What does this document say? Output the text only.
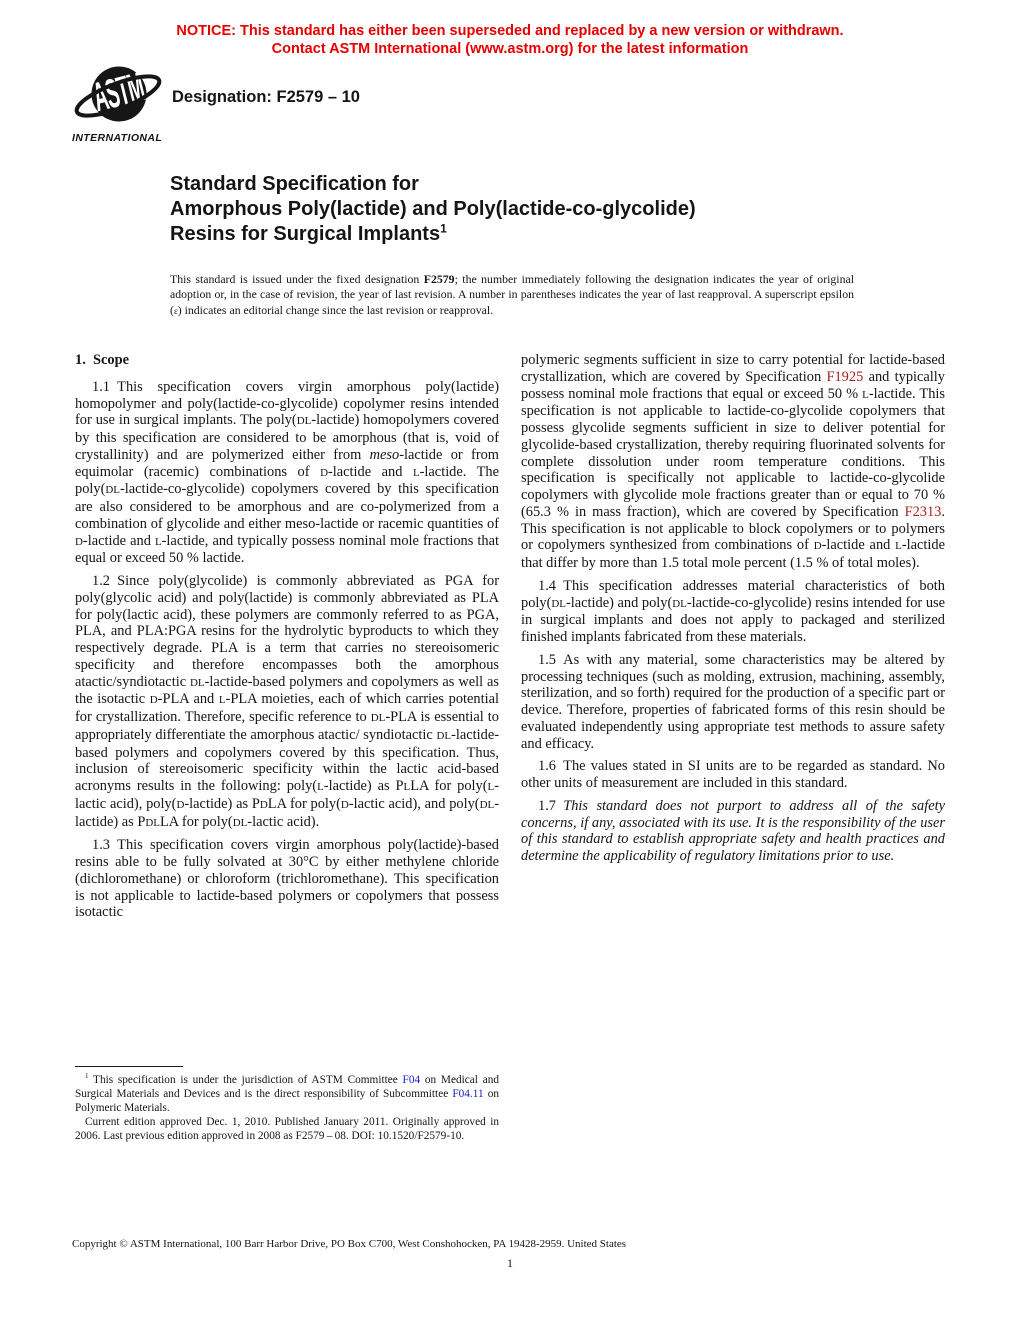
NOTICE: This standard has either been superseded and replaced by a new version or withdrawn.
Contact ASTM International (www.astm.org) for the latest information
ASTM
INTERNATIONAL
Designation: F2579 – 10
Standard Specification for
Amorphous Poly(lactide) and Poly(lactide-co-glycolide)
Resins for Surgical Implants$^1$
This standard is issued under the fixed designation F2579; the number immediately following the designation indicates the year of original adoption or, in the case of revision, the year of last revision. A number in parentheses indicates the year of last reapproval. A superscript epsilon (ε) indicates an editorial change since the last revision or reapproval.
1. Scope

1.1 This specification covers virgin amorphous poly(lactide) homopolymer and poly(lactide-co-glycolide) copolymer resins intended for use in surgical implants. The poly(DL-lactide) homopolymers covered by this specification are considered to be amorphous (that is, void of crystallinity) and are polymerized either from meso-lactide or from equimolar (racemic) combinations of D-lactide and L-lactide. The poly(DL-lactide-co-glycolide) copolymers covered by this specification are also considered to be amorphous and are co-polymerized from a combination of glycolide and either meso-lactide or racemic quantities of D-lactide and L-lactide, and typically possess nominal mole fractions that equal or exceed 50 % lactide.

1.2 Since poly(glycolide) is commonly abbreviated as PGA for poly(glycolic acid) and poly(lactide) is commonly abbreviated as PLA for poly(lactic acid), these polymers are commonly referred to as PGA, PLA, and PLA:PGA resins for the hydrolytic byproducts to which they respectively degrade. PLA is a term that carries no stereoisomeric specificity and therefore encompasses both the amorphous atactic/syndiotactic DL-lactide-based polymers and copolymers as well as the isotactic D-PLA and L-PLA moieties, each of which carries potential for crystallization. Therefore, specific reference to DL-PLA is essential to appropriately differentiate the amorphous atactic/ syndiotactic DL-lactide-based polymers and copolymers covered by this specification. Thus, inclusion of stereoisomeric specificity within the lactic acid-based acronyms results in the following: poly(L-lactide) as PLLA for poly(L-lactic acid), poly(D-lactide) as PDLA for poly(D-lactic acid), and poly(DL-lactide) as PDLLA for poly(DL-lactic acid).

1.3 This specification covers virgin amorphous poly(lactide)-based resins able to be fully solvated at 30°C by either methylene chloride (dichloromethane) or chloroform (trichloromethane). This specification is not applicable to lactide-based polymers or copolymers that possess isotactic

polymeric segments sufficient in size to carry potential for lactide-based crystallization, which are covered by Specification F1925 and typically possess nominal mole fractions that equal or exceed 50 % L-lactide. This specification is not applicable to lactide-co-glycolide copolymers that possess glycolide segments sufficient in size to deliver potential for glycolide-based crystallization, thereby requiring fluorinated solvents for complete dissolution under room temperature conditions. This specification is specifically not applicable to lactide-co-glycolide copolymers with glycolide mole fractions greater than or equal to 70 % (65.3 % in mass fraction), which are covered by Specification F2313. This specification is not applicable to block copolymers or to polymers or copolymers synthesized from combinations of D-lactide and L-lactide that differ by more than 1.5 total mole percent (1.5 % of total moles).

1.4 This specification addresses material characteristics of both poly(DL-lactide) and poly(DL-lactide-co-glycolide) resins intended for use in surgical implants and does not apply to packaged and sterilized finished implants fabricated from these materials.

1.5 As with any material, some characteristics may be altered by processing techniques (such as molding, extrusion, machining, assembly, sterilization, and so forth) required for the production of a specific part or device. Therefore, properties of fabricated forms of this resin should be evaluated independently using appropriate test methods to assure safety and efficacy.

1.6 The values stated in SI units are to be regarded as standard. No other units of measurement are included in this standard.

1.7 This standard does not purport to address all of the safety concerns, if any, associated with its use. It is the responsibility of the user of this standard to establish appropriate safety and health practices and determine the applicability of regulatory limitations prior to use.

$^1$ This specification is under the jurisdiction of ASTM Committee F04 on Medical and Surgical Materials and Devices and is the direct responsibility of Subcommittee F04.11 on Polymeric Materials.

Current edition approved Dec. 1, 2010. Published January 2011. Originally approved in 2006. Last previous edition approved in 2008 as F2579 – 08. DOI: 10.1520/F2579-10.

Copyright © ASTM International, 100 Barr Harbor Drive, PO Box C700, West Conshohocken, PA 19428-2959. United States
1
